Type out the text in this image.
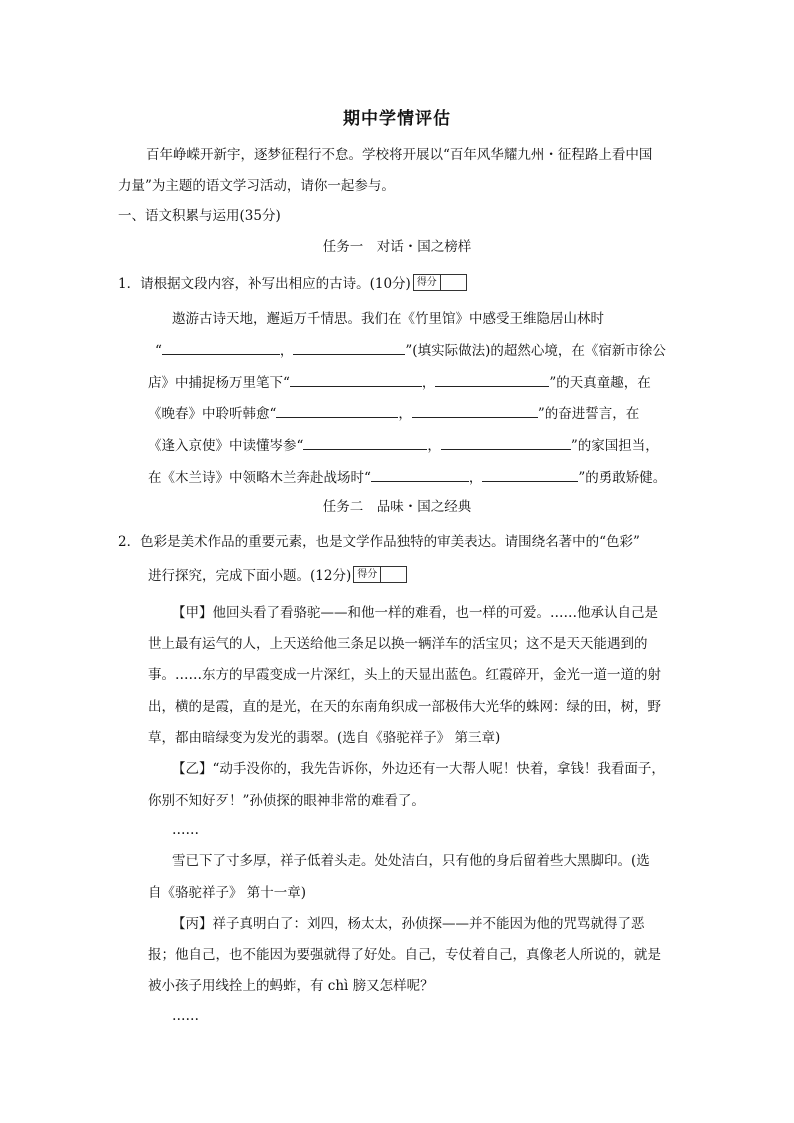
期中学情评估
百年峥嵘开新宇，逐梦征程行不怠。学校将开展以“百年风华耀九州・征程路上看中国
力量”为主题的语文学习活动，请你一起参与。
一、语文积累与运用(35分)
任务一　对话・国之榜样
1．请根据文段内容，补写出相应的古诗。(10分) 得分
遨游古诗天地，邂逅万千情思。我们在《竹里馆》中感受王维隐居山林时
“	，	”(填实际做法)的超然心境，在《宿新市徐公
店》中捕捉杨万里笔下“	，	”的天真童趣，在
《晚春》中聆听韩愈“	，	”的奋进誓言，在
《逢入京使》中读懂岑参“	，	”的家国担当，
在《木兰诗》中领略木兰奔赴战场时“	，	”的勇敢矫健。
任务二　品味・国之经典
2．色彩是美术作品的重要元素，也是文学作品独特的审美表达。请围绕名著中的“色彩”
进行探究，完成下面小题。(12分) 得分
【甲】他回头看了看骆驼——和他一样的难看，也一样的可爱。……他承认自己是
世上最有运气的人，上天送给他三条足以换一辆洋车的活宝贝；这不是天天能遇到的
事。……东方的早霞变成一片深红，头上的天显出蓝色。红霞碎开，金光一道一道的射
出，横的是霞，直的是光，在天的东南角织成一部极伟大光华的蛛网：绿的田，树，野
草，都由暗绿变为发光的翡翠。(选自《骆驼祥子》 第三章)
【乙】“动手没你的，我先告诉你，外边还有一大帮人呢！快着，拿钱！我看面子，
你别不知好歹！”孙侦探的眼神非常的难看了。
……
雪已下了寸多厚，祥子低着头走。处处洁白，只有他的身后留着些大黑脚印。(选
自《骆驼祥子》 第十一章)
【丙】祥子真明白了：刘四，杨太太，孙侦探——并不能因为他的咒骂就得了恶
报；他自己，也不能因为要强就得了好处。自己，专仗着自己，真像老人所说的，就是
被小孩子用线拴上的蚂蚱，有 chì 膀又怎样呢？
……
